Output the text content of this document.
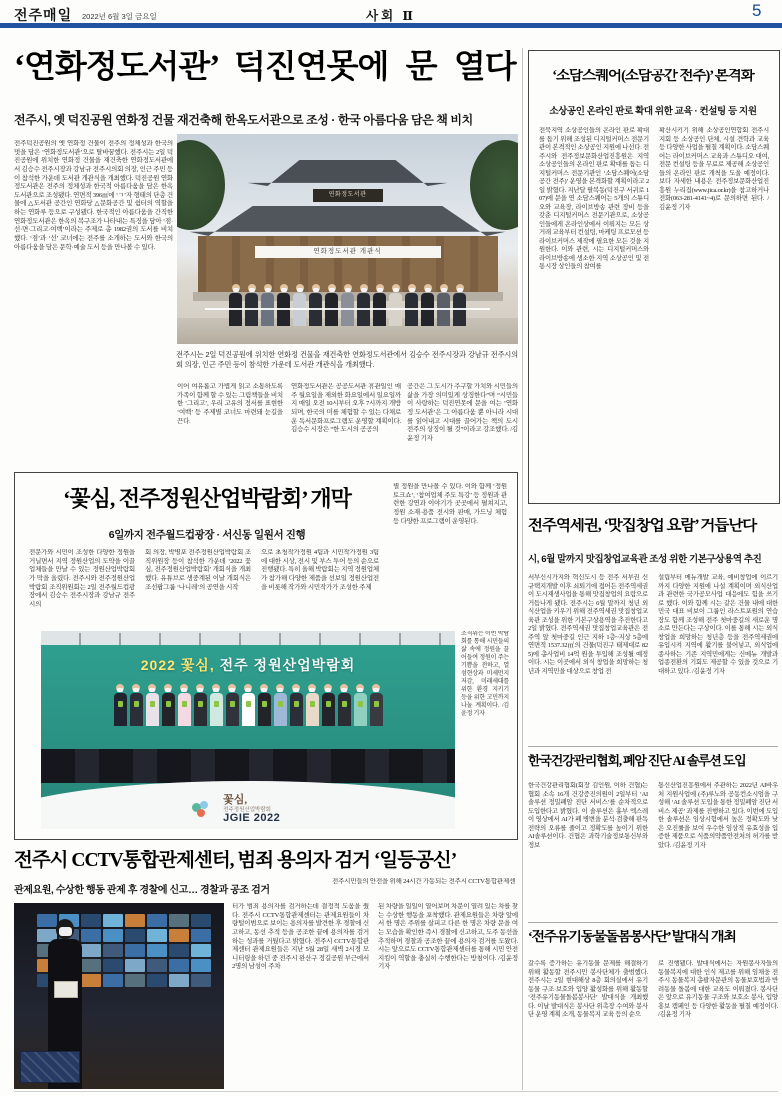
전주매일 2022년 6월 3일 금요일	사회 Ⅱ	5
‘연화정도서관’ 덕진연못에 문 열다
전주시, 옛 덕진공원 연화정 건물 재건축해 한옥도서관으로 조성 · 한국 아름다움 담은 책 비치
전주덕진공원의 옛 연화정 건물이 전주의 정체성과 한국의 멋을 담은 ‘연화정도서관’으로 탈바꿈했다. 전주시는 2일 덕진공원에 위치한 연화정 건물을 재건축한 연화정도서관에서 김승수 전주시장과 강남규 전주시의회 의장, 인근 주민 등이 참석한 가운데 도서관 개관식을 개최했다. 덕진공원 연화정도서관은 전주의 정체성과 한국적 아름다움을 담은 한옥도서관으로 조성됐다. 연면적 396㎡에 ‘ㄱ’자 형태의 단층 건물에 △도서관 공간인 연화당 △문화공간 및 쉼터의 역할을 하는 연화루 등으로 구성됐다. 한국적인 아름다움을 간직한 연화정도서관은 한옥의 복구조가 나타내는 특징을 담아 ‘점·선·면·그리고·여백’이라는 주제로 총 1982권의 도서를 비치했다. ‘점’과 ‘선’ 코너에는 전주를 소개하는 도서와 한국의 아름다움을 담은 문학·예술 도서 등을 만나볼 수 있다.
연화정도서관
연화정도서관 개관식
전주시는 2일 덕진공원에 위치한 연화정 건물을 재건축한 연화정도서관에서 김승수 전주시장과 강남규 전주시의회 의장, 인근 주민 등이 참석한 가운데 도서관 개관식을 개최했다.
이어 여유롭고 가볍게 읽고 소통하도록 가족이 함께 할 수 있는 그림책들을 비치한 ‘그리고’, 우리 고유의 정서를 표현한 ‘여백’ 등 주제별 코너도 마련돼 눈길을 끈다.
연화정도서관은 공공도서관 휴관일인 매주 월요일을 제외한 화요일에서 일요일까지 매일 오전 10시부터 오후 7시까지 개방되며, 한국의 미를 체험할 수 있는 다채로운 독서문화프로그램도 운영할 계획이다. 김승수 시장은 “한 도시의 공공의
공간은 그 도시가 추구할 가치와 시민들의 삶을 가장 의미있게 상징한다”며 “시민들이 사랑하는 덕진연못에 문을 여는 ‘연화정 도서관’은 그 아름다움 뿐 아니라 시대를 읽어내고 시대를 끌어가는 책의 도시 전주의 상징이 될 것”이라고 강조했다. /김윤정 기자
‘꽃심, 전주정원산업박람회’ 개막
6일까지 전주월드컵광장 · 서신동 일원서 진행
전문가와 시민이 조성한 다양한 정원을 거닐면서 지역 정원산업의 도약을 이끌 업체들을 만날 수 있는 정원산업박람회가 막을 올렸다. 전주시와 전주정원산업박람회 조직위원회는 2일 전주월드컵광장에서 김승수 전주시장과 강남규 전주시의
회 의장, 박병포 전주정원산업박람회 조직위원장 등이 참석한 가운데 ‘2022 꽃심, 전주정원산업박람회’ 개회식을 개최했다. 유튜브로 생중계된 이날 개회식은 조선팝그룹 ‘나니레’의 공연을 시작
으로 초청작가정원 4팀과 시민작가정원 3팀에 대한 시상, 전시 및 부스 투어 등의 순으로 진행됐다. 특히 올해 박람회는 지역 정원업체가 참가해 다양한 제품을 선보일 정원산업전을 비롯해 작가와 시민작가가 조성한 주제
별 정원을 만나볼 수 있다. 이와 함께 ‘정원 토크쇼’, ‘참여업체 주도 특강’ 등 정원과 관련한 강연과 이야기가 곳곳에서 펼쳐지고, 정원 소재·용품 전시와 판매, 가드닝 체험 등 다양한 프로그램이 운영된다.
2022 꽃심, 전주 정원산업박람회
꽃심,
전주정원산업박람회
JGIE 2022
조직위는 이번 박람회를 통해 시민들의 삶 속에 정원을 끌어들여 정원이 주는 기쁨을 전하고, 열섬현상과 미세먼지 저감, 미래세대를 위한 환경 지키기 등을 위한 고민까지 나눌 계획이다. /김윤정 기자
전주시 CCTV통합관제센터, 범죄 용의자 검거 ‘일등공신’
관제요원, 수상한 행동 관제 후 경찰에 신고… 경찰과 공조 검거
전주시민들의 안전을 위해 24시간 가동되는 전주시 CCTV통합관제센
터가 범죄 용의자를 검거하는데 결정적 도움을 줬다. 전주시 CCTV통합관제센터는 관제요원들이 차량털이범으로 보이는 용의자를 발견한 후 경찰에 신고하고, 동선 추적 등을 공조한 끝에 용의자를 검거하는 성과를 거뒀다고 밝혔다. 전주시 CCTV통합관제센터 관제요원들은 지난 5월 28일 새벽 2시경 모니터링을 하던 중 전주시 완산구 정길공원 부근에서 2명의 남성이 주차
된 차량을 일일이 열어보며 차문이 열려 있는 차를 찾는 수상한 행동을 포착했다. 관제요원들은 차량 앞에서 한 명은 주위를 살피고 다른 한 명은 차량 문을 여는 모습을 확인한 즉시 경찰에 신고하고, 도주 동선을 추적하며 경찰과 공조한 끝에 용의자 검거를 도왔다. 시는 앞으로도 CCTV통합관제센터를 통해 시민 안전 지킴이 역할을 충실히 수행한다는 방침이다. /김윤정 기자
‘소담스퀘어(소담공간 전주)’ 본격화
소상공인 온라인 판로 확대 위한 교육 · 컨설팅 등 지원
전북지역 소상공인들의 온라인 판로 확대를 돕기 위해 조성된 디지털커머스 전문기관이 본격적인 소상공인 지원에 나선다. 전주시와 전주정보문화산업진흥원은 지역 소상공인들의 온라인 판로 확대를 돕는 디지털커머스 전문기관인 ‘소담스퀘어(소담공간 전주)’ 운영을 본격화할 계획이라고 2일 밝혔다. 지난달 팔복동(덕진구 서귀로 107)에 문을 연 소담스퀘어는 5개의 스튜디오와 교육장, 라이브방송 관련 장비 등을 갖춘 디지털커머스 전문기관으로, 소상공인들에게 온라인상에서 이뤄지는 모든 상거래 교육부터 컨설팅, 마케팅 프로모션 등 라이브커머스 제작에 필요한 모든 것을 지원한다. 이와 관련, 시는 디지털커머스와 라이브방송에 생소한 지역 소상공인 및 전통시장 상인들의 참여를
확산시키기 위해 소상공인연합회 전주시지회 등 소상공인 단체, 시설 견학과 교육 등 다양한 사업을 펼칠 계획이다. 소담스퀘어는 라이브커머스 교육과 스튜디오 대여, 전문 컨설팅 등을 무료로 제공해 소상공인들의 온라인 판로 개척을 도울 예정이다. 보다 자세한 내용은 전주정보문화산업진흥원 누리집(www.jica.or.kr)을 참고하거나 전화(063-281-4141~4)로 문의하면 된다. /김윤정 기자
전주역세권, ‘맛집창업 요람’ 거듭난다
시, 6월 말까지 맛집창업교육관 조성 위한 기본구상용역 추진
서부신시가지와 혁신도시 등 전주 서부권 신규택지개발 이후 쇠퇴기에 접어든 전주역세권이 도시재생사업을 통해 맛집창업의 요람으로 거듭나게 됐다. 전주시는 6월 말까지 청년 외식산업을 키우기 위해 전주역세권 맛집창업교육관 조성을 위한 기본구상용역을 추진한다고 2일 밝혔다. 전주역세권 맛집창업교육관은 전주역 앞 첫마중길 인근 지하 1층~지상 5층에 연면적 1537.32㎡의 건물(덕진구 태제대로 825)에 총사업비 14억 원을 투입해 조성될 예정이다. 시는 이곳에서 외식 창업을 희망하는 청년과 지역민을 대상으로 창업 전
설립부터 메뉴개발 교육, 예비창업에 이르기까지 다양한 지원에 나설 계획이며 외식산업과 관련한 국가공모사업 대응에도 힘을 쓰기로 했다. 이와 함께 시는 같은 건물 내에 대한민국 대표 비보이 그룹인 라스트포원의 연습장도 함께 조성해 전주 첫마중길의 새로운 명소로 만든다는 구상이다. 이를 통해 시는 외식 창업을 희망하는 청년층 등을 전주역세권에 유입시켜 지역에 활기를 불어넣고, 외식업에 종사하는 기존 지역민에게는 신메뉴 개발과 업종전환의 기회도 제공할 수 있을 것으로 기대하고 있다. /김윤정 기자
한국건강관리협회, 폐암 진단 AI 솔루션 도입
한국건강관리협회(회장 김인원, 이하 건협)는 협회 소속 16개 건강증진의원이 2일부터 ‘AI 솔루션 정밀폐암 진단 서비스’를 순차적으로 도입한다고 밝혔다. 이 솔루션은 흉부 엑스레이 영상에서 AI가 폐 병변을 분석·검출해 판독 전략의 오류를 줄이고 정확도를 높이기 위한 AI솔루션이다. 건협은 과학기술정보통신부와 정보
통신산업진흥원에서 주관하는 2022년 AI바우처 지원사업에 (주)루노와 공동컨소시엄을 구성해 ‘AI 솔루션 도입을 통한 정밀폐암 진단 서비스 제공’ 과제를 진행하고 있다. 이번에 도입한 솔루션은 임상시험에서 높은 정확도와 낮은 오진률을 보여 우수한 임상적 유효성을 입증한 제품으로 식품의약품안전처의 허가를 받았다. /김윤정 기자
‘전주유기동물돌봄봉사단’ 발대식 개최
갈수록 증가하는 유기동물 문제를 해결하기 위해 활동할 전주시민 봉사단체가 출범했다. 전주시는 2일 현대해상 8층 회의실에서 유기동물 구조·보호와 입양 활성화를 위해 활동할 ‘전주유기동물돌봄봉사단’ 발대식을 개최했다. 이날 발대식은 봉사단 위촉장 수여와 봉사단 운영 계획 소개, 동물복지 교육 등의 순으
로 진행됐다. 발대식에서는 자원봉사자들의 동물복지에 대한 인식 제고를 위해 임채웅 전주시 동물복지 총괄자문관의 동물보호법과 반려동물 돌봄에 대한 교육도 이뤄졌다. 봉사단은 앞으로 유기동물 구조와 보호소 봉사, 입양 홍보 캠페인 등 다양한 활동을 펼칠 예정이다. /김윤정 기자
